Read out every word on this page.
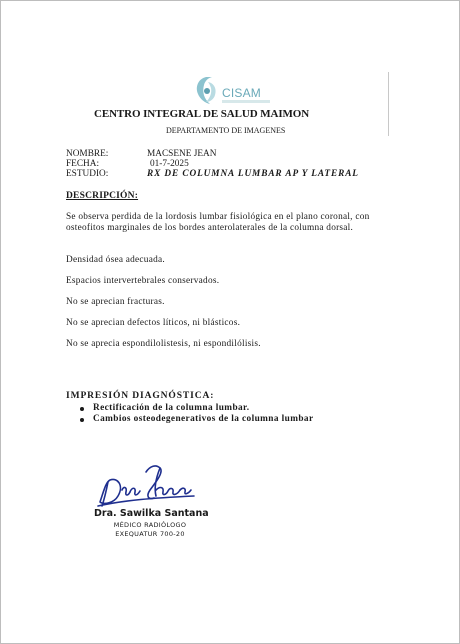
CISAM
CENTRO INTEGRAL DE SALUD MAIMON
DEPARTAMENTO DE IMAGENES
NOMBRE:	MACSENE JEAN
FECHA:	01-7-2025
ESTUDIO:	RX DE COLUMNA LUMBAR AP Y LATERAL
DESCRIPCIÓN:

Se observa perdida de la lordosis lumbar fisiológica en el plano coronal, con osteofitos marginales de los bordes anterolaterales de la columna dorsal.

Densidad ósea adecuada.

Espacios intervertebrales conservados.

No se aprecian fracturas.

No se aprecian defectos líticos, ni blásticos.

No se aprecia espondilolistesis, ni espondilólisis.

IMPRESIÓN DIAGNÓSTICA:
Rectificación de la columna lumbar.
Cambios osteodegenerativos de la columna lumbar
Dra. Sawilka Santana
MÉDICO RADIÓLOGO
EXEQUATUR 700-20
